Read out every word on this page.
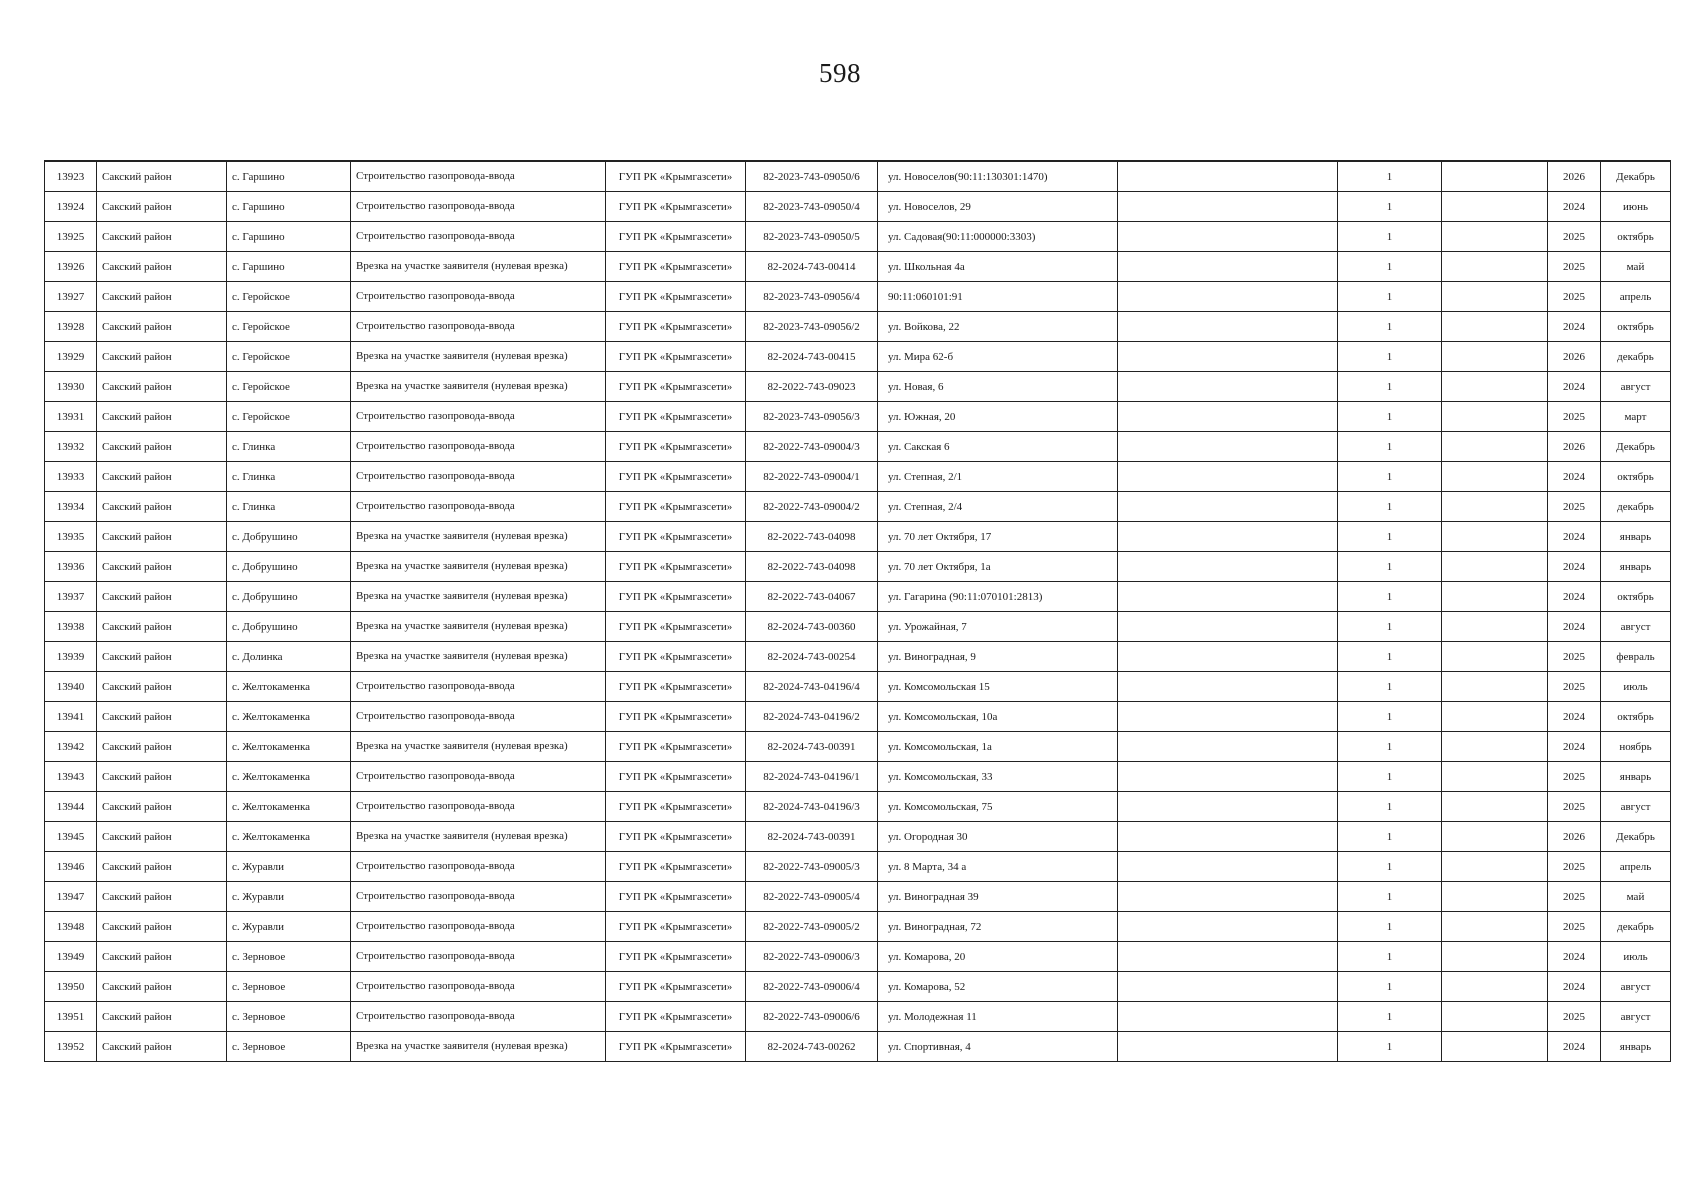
598
13923	Сакский район	с. Гаршино	Строительство газопровода-ввода	ГУП РК «Крымгазсети»	82-2023-743-09050/6	ул. Новоселов(90:11:130301:1470)		1		2026	Декабрь
13924	Сакский район	с. Гаршино	Строительство газопровода-ввода	ГУП РК «Крымгазсети»	82-2023-743-09050/4	ул. Новоселов, 29		1		2024	июнь
13925	Сакский район	с. Гаршино	Строительство газопровода-ввода	ГУП РК «Крымгазсети»	82-2023-743-09050/5	ул. Садовая(90:11:000000:3303)		1		2025	октябрь
13926	Сакский район	с. Гаршино	Врезка на участке заявителя (нулевая врезка)	ГУП РК «Крымгазсети»	82-2024-743-00414	ул. Школьная 4а		1		2025	май
13927	Сакский район	с. Геройское	Строительство газопровода-ввода	ГУП РК «Крымгазсети»	82-2023-743-09056/4	90:11:060101:91		1		2025	апрель
13928	Сакский район	с. Геройское	Строительство газопровода-ввода	ГУП РК «Крымгазсети»	82-2023-743-09056/2	ул. Войкова, 22		1		2024	октябрь
13929	Сакский район	с. Геройское	Врезка на участке заявителя (нулевая врезка)	ГУП РК «Крымгазсети»	82-2024-743-00415	ул. Мира 62-б		1		2026	декабрь
13930	Сакский район	с. Геройское	Врезка на участке заявителя (нулевая врезка)	ГУП РК «Крымгазсети»	82-2022-743-09023	ул. Новая, 6		1		2024	август
13931	Сакский район	с. Геройское	Строительство газопровода-ввода	ГУП РК «Крымгазсети»	82-2023-743-09056/3	ул. Южная, 20		1		2025	март
13932	Сакский район	с. Глинка	Строительство газопровода-ввода	ГУП РК «Крымгазсети»	82-2022-743-09004/3	ул. Сакская 6		1		2026	Декабрь
13933	Сакский район	с. Глинка	Строительство газопровода-ввода	ГУП РК «Крымгазсети»	82-2022-743-09004/1	ул. Степная, 2/1		1		2024	октябрь
13934	Сакский район	с. Глинка	Строительство газопровода-ввода	ГУП РК «Крымгазсети»	82-2022-743-09004/2	ул. Степная, 2/4		1		2025	декабрь
13935	Сакский район	с. Добрушино	Врезка на участке заявителя (нулевая врезка)	ГУП РК «Крымгазсети»	82-2022-743-04098	ул. 70 лет Октября, 17		1		2024	январь
13936	Сакский район	с. Добрушино	Врезка на участке заявителя (нулевая врезка)	ГУП РК «Крымгазсети»	82-2022-743-04098	ул. 70 лет Октября, 1а		1		2024	январь
13937	Сакский район	с. Добрушино	Врезка на участке заявителя (нулевая врезка)	ГУП РК «Крымгазсети»	82-2022-743-04067	ул. Гагарина (90:11:070101:2813)		1		2024	октябрь
13938	Сакский район	с. Добрушино	Врезка на участке заявителя (нулевая врезка)	ГУП РК «Крымгазсети»	82-2024-743-00360	ул. Урожайная, 7		1		2024	август
13939	Сакский район	с. Долинка	Врезка на участке заявителя (нулевая врезка)	ГУП РК «Крымгазсети»	82-2024-743-00254	ул. Виноградная, 9		1		2025	февраль
13940	Сакский район	с. Желтокаменка	Строительство газопровода-ввода	ГУП РК «Крымгазсети»	82-2024-743-04196/4	ул. Комсомольская 15		1		2025	июль
13941	Сакский район	с. Желтокаменка	Строительство газопровода-ввода	ГУП РК «Крымгазсети»	82-2024-743-04196/2	ул. Комсомольская, 10а		1		2024	октябрь
13942	Сакский район	с. Желтокаменка	Врезка на участке заявителя (нулевая врезка)	ГУП РК «Крымгазсети»	82-2024-743-00391	ул. Комсомольская, 1а		1		2024	ноябрь
13943	Сакский район	с. Желтокаменка	Строительство газопровода-ввода	ГУП РК «Крымгазсети»	82-2024-743-04196/1	ул. Комсомольская, 33		1		2025	январь
13944	Сакский район	с. Желтокаменка	Строительство газопровода-ввода	ГУП РК «Крымгазсети»	82-2024-743-04196/3	ул. Комсомольская, 75		1		2025	август
13945	Сакский район	с. Желтокаменка	Врезка на участке заявителя (нулевая врезка)	ГУП РК «Крымгазсети»	82-2024-743-00391	ул. Огородная 30		1		2026	Декабрь
13946	Сакский район	с. Журавли	Строительство газопровода-ввода	ГУП РК «Крымгазсети»	82-2022-743-09005/3	ул. 8 Марта, 34 а		1		2025	апрель
13947	Сакский район	с. Журавли	Строительство газопровода-ввода	ГУП РК «Крымгазсети»	82-2022-743-09005/4	ул. Виноградная 39		1		2025	май
13948	Сакский район	с. Журавли	Строительство газопровода-ввода	ГУП РК «Крымгазсети»	82-2022-743-09005/2	ул. Виноградная, 72		1		2025	декабрь
13949	Сакский район	с. Зерновое	Строительство газопровода-ввода	ГУП РК «Крымгазсети»	82-2022-743-09006/3	ул. Комарова, 20		1		2024	июль
13950	Сакский район	с. Зерновое	Строительство газопровода-ввода	ГУП РК «Крымгазсети»	82-2022-743-09006/4	ул. Комарова, 52		1		2024	август
13951	Сакский район	с. Зерновое	Строительство газопровода-ввода	ГУП РК «Крымгазсети»	82-2022-743-09006/6	ул. Молодежная 11		1		2025	август
13952	Сакский район	с. Зерновое	Врезка на участке заявителя (нулевая врезка)	ГУП РК «Крымгазсети»	82-2024-743-00262	ул. Спортивная, 4		1		2024	январь
